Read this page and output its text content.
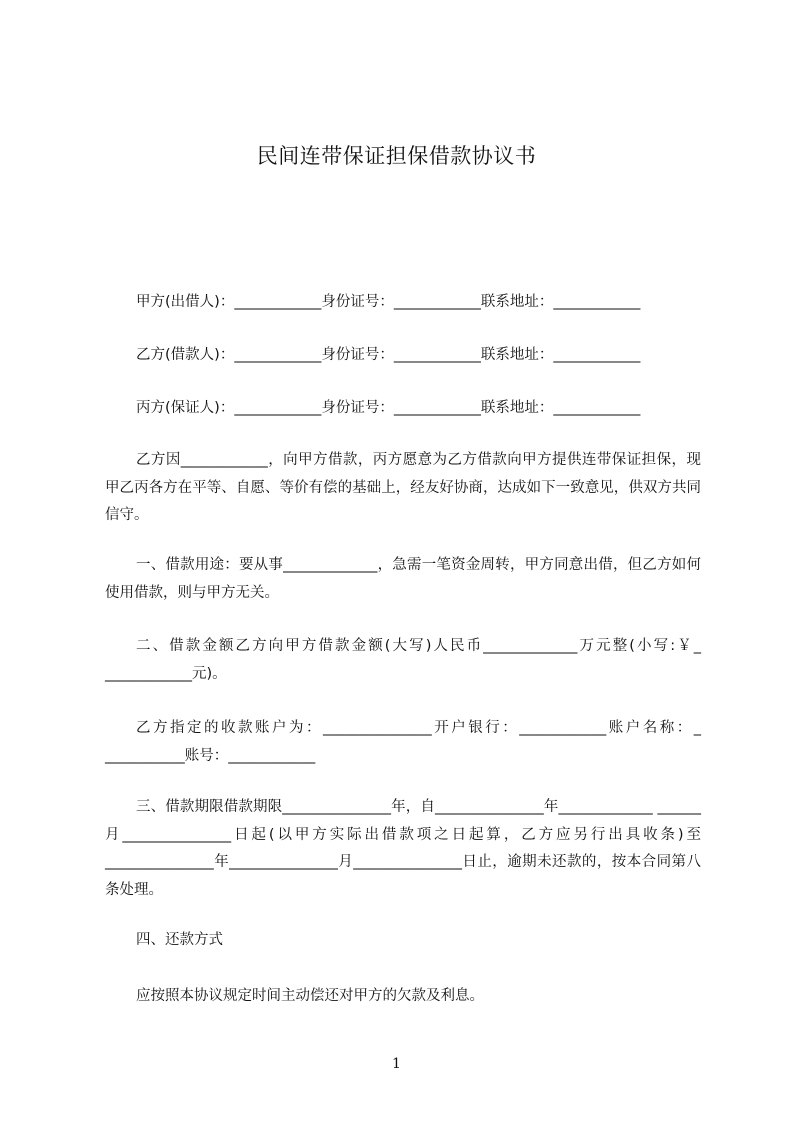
民间连带保证担保借款协议书
甲方(出借人)：____________身份证号：____________联系地址：____________
乙方(借款人)：____________身份证号：____________联系地址：____________
丙方(保证人)：____________身份证号：____________联系地址：____________

乙方因____________，向甲方借款，丙方愿意为乙方借款向甲方提供连带保证担保，现甲乙丙各方在平等、自愿、等价有偿的基础上，经友好协商，达成如下一致意见，供双方共同信守。

一、借款用途：要从事_____________，急需一笔资金周转，甲方同意出借，但乙方如何使用借款，则与甲方无关。

二、借款金额乙方向甲方借款金额(大写)人民币_____________万元整(小写:￥_ ____________元)。

乙方指定的收款账户为：_______________开户银行：____________账户名称：_ ___________账号：____________

三、借款期限借款期限_______________年，自_______________年_____________ ______月_______________日起(以甲方实际出借款项之日起算，乙方应另行出具收条)至_______________年_______________月_______________日止，逾期未还款的，按本合同第八条处理。

四、还款方式

应按照本协议规定时间主动偿还对甲方的欠款及利息。

1
